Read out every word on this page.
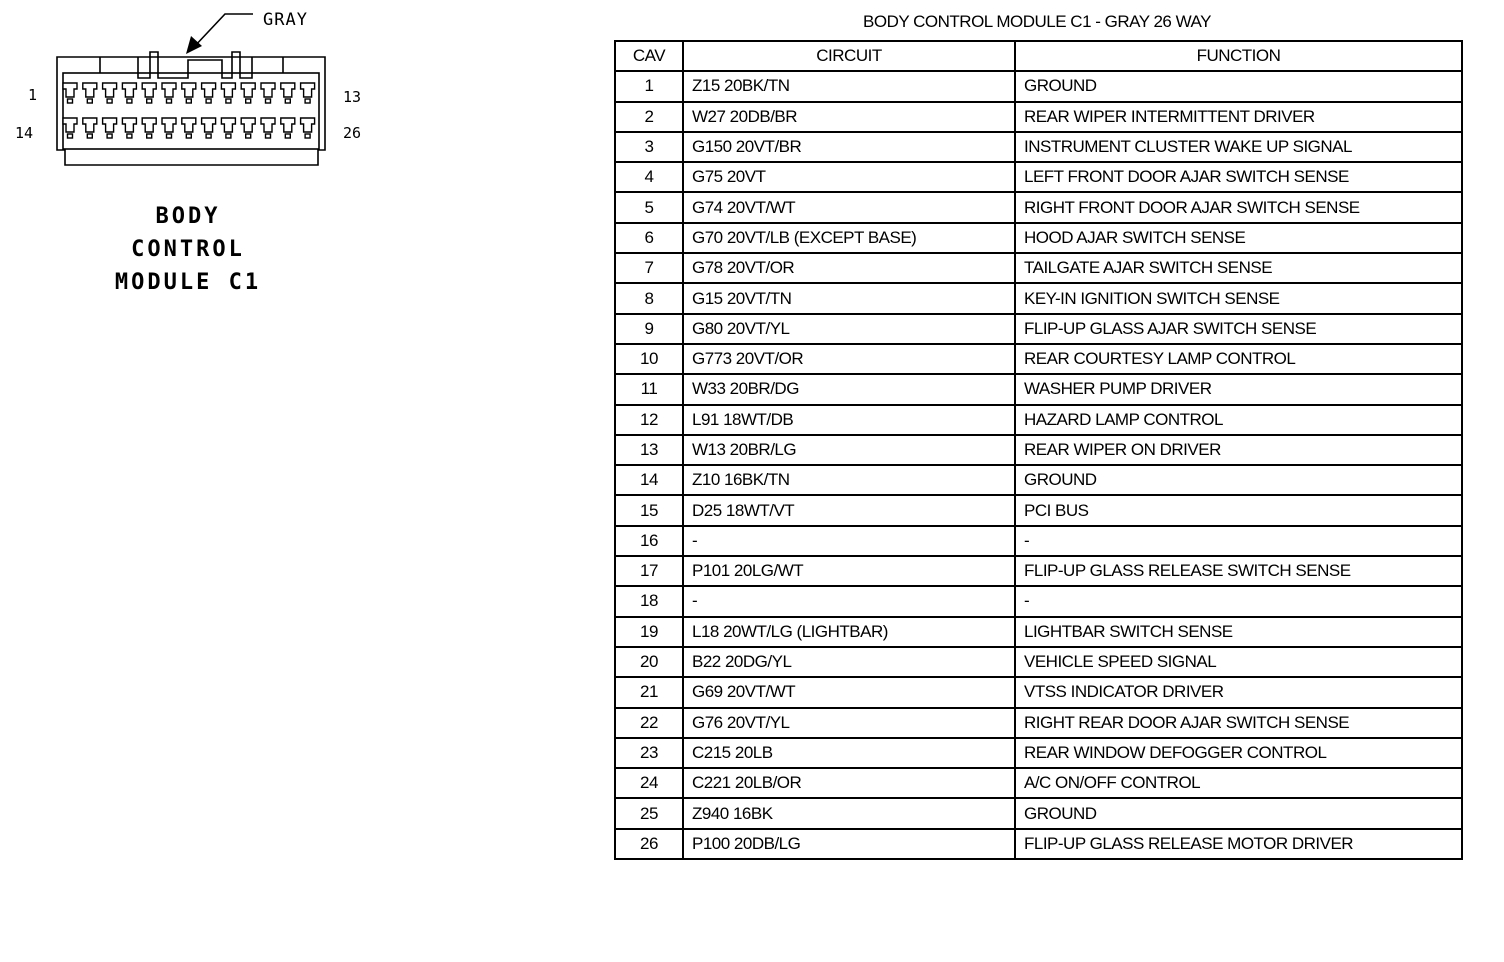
GRAY
1	13
14	26
BODY
CONTROL
MODULE C1
BODY CONTROL MODULE C1 - GRAY 26 WAY
CAV	CIRCUIT	FUNCTION
1	Z15 20BK/TN	GROUND
2	W27 20DB/BR	REAR WIPER INTERMITTENT DRIVER
3	G150 20VT/BR	INSTRUMENT CLUSTER WAKE UP SIGNAL
4	G75 20VT	LEFT FRONT DOOR AJAR SWITCH SENSE
5	G74 20VT/WT	RIGHT FRONT DOOR AJAR SWITCH SENSE
6	G70 20VT/LB (EXCEPT BASE)	HOOD AJAR SWITCH SENSE
7	G78 20VT/OR	TAILGATE AJAR SWITCH SENSE
8	G15 20VT/TN	KEY-IN IGNITION SWITCH SENSE
9	G80 20VT/YL	FLIP-UP GLASS AJAR SWITCH SENSE
10	G773 20VT/OR	REAR COURTESY LAMP CONTROL
11	W33 20BR/DG	WASHER PUMP DRIVER
12	L91 18WT/DB	HAZARD LAMP CONTROL
13	W13 20BR/LG	REAR WIPER ON DRIVER
14	Z10 16BK/TN	GROUND
15	D25 18WT/VT	PCI BUS
16	-	-
17	P101 20LG/WT	FLIP-UP GLASS RELEASE SWITCH SENSE
18	-	-
19	L18 20WT/LG (LIGHTBAR)	LIGHTBAR SWITCH SENSE
20	B22 20DG/YL	VEHICLE SPEED SIGNAL
21	G69 20VT/WT	VTSS INDICATOR DRIVER
22	G76 20VT/YL	RIGHT REAR DOOR AJAR SWITCH SENSE
23	C215 20LB	REAR WINDOW DEFOGGER CONTROL
24	C221 20LB/OR	A/C ON/OFF CONTROL
25	Z940 16BK	GROUND
26	P100 20DB/LG	FLIP-UP GLASS RELEASE MOTOR DRIVER
